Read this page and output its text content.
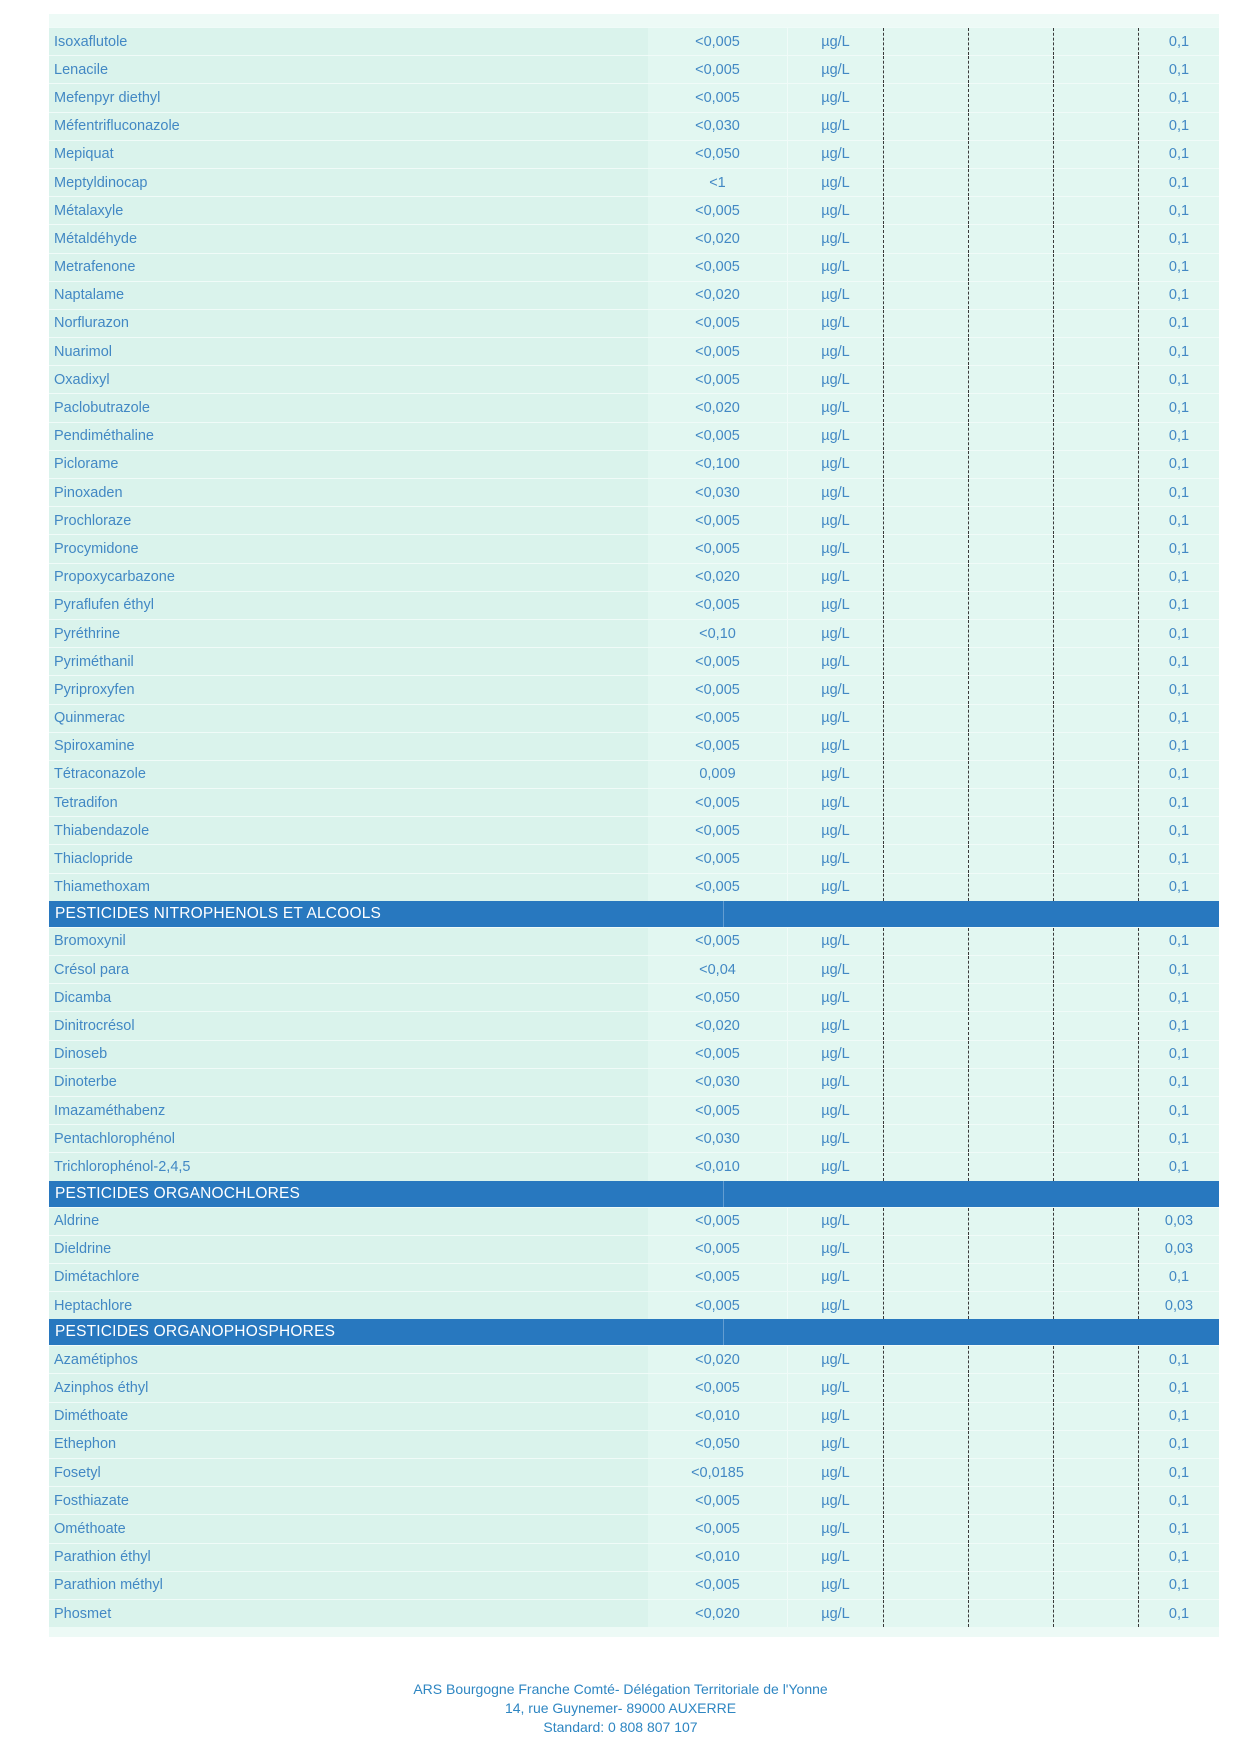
Isoxaflutole	<0,005	µg/L	0,1
Lenacile	<0,005	µg/L	0,1
Mefenpyr diethyl	<0,005	µg/L	0,1
Méfentrifluconazole	<0,030	µg/L	0,1
Mepiquat	<0,050	µg/L	0,1
Meptyldinocap	<1	µg/L	0,1
Métalaxyle	<0,005	µg/L	0,1
Métaldéhyde	<0,020	µg/L	0,1
Metrafenone	<0,005	µg/L	0,1
Naptalame	<0,020	µg/L	0,1
Norflurazon	<0,005	µg/L	0,1
Nuarimol	<0,005	µg/L	0,1
Oxadixyl	<0,005	µg/L	0,1
Paclobutrazole	<0,020	µg/L	0,1
Pendiméthaline	<0,005	µg/L	0,1
Piclorame	<0,100	µg/L	0,1
Pinoxaden	<0,030	µg/L	0,1
Prochloraze	<0,005	µg/L	0,1
Procymidone	<0,005	µg/L	0,1
Propoxycarbazone	<0,020	µg/L	0,1
Pyraflufen éthyl	<0,005	µg/L	0,1
Pyréthrine	<0,10	µg/L	0,1
Pyriméthanil	<0,005	µg/L	0,1
Pyriproxyfen	<0,005	µg/L	0,1
Quinmerac	<0,005	µg/L	0,1
Spiroxamine	<0,005	µg/L	0,1
Tétraconazole	0,009	µg/L	0,1
Tetradifon	<0,005	µg/L	0,1
Thiabendazole	<0,005	µg/L	0,1
Thiaclopride	<0,005	µg/L	0,1
Thiamethoxam	<0,005	µg/L	0,1
PESTICIDES NITROPHENOLS ET ALCOOLS
Bromoxynil	<0,005	µg/L	0,1
Crésol para	<0,04	µg/L	0,1
Dicamba	<0,050	µg/L	0,1
Dinitrocrésol	<0,020	µg/L	0,1
Dinoseb	<0,005	µg/L	0,1
Dinoterbe	<0,030	µg/L	0,1
Imazaméthabenz	<0,005	µg/L	0,1
Pentachlorophénol	<0,030	µg/L	0,1
Trichlorophénol-2,4,5	<0,010	µg/L	0,1
PESTICIDES ORGANOCHLORES
Aldrine	<0,005	µg/L	0,03
Dieldrine	<0,005	µg/L	0,03
Dimétachlore	<0,005	µg/L	0,1
Heptachlore	<0,005	µg/L	0,03
PESTICIDES ORGANOPHOSPHORES
Azamétiphos	<0,020	µg/L	0,1
Azinphos éthyl	<0,005	µg/L	0,1
Diméthoate	<0,010	µg/L	0,1
Ethephon	<0,050	µg/L	0,1
Fosetyl	<0,0185	µg/L	0,1
Fosthiazate	<0,005	µg/L	0,1
Ométhoate	<0,005	µg/L	0,1
Parathion éthyl	<0,010	µg/L	0,1
Parathion méthyl	<0,005	µg/L	0,1
Phosmet	<0,020	µg/L	0,1
ARS Bourgogne Franche Comté- Délégation Territoriale de l'Yonne
14, rue Guynemer- 89000 AUXERRE
Standard: 0 808 807 107
